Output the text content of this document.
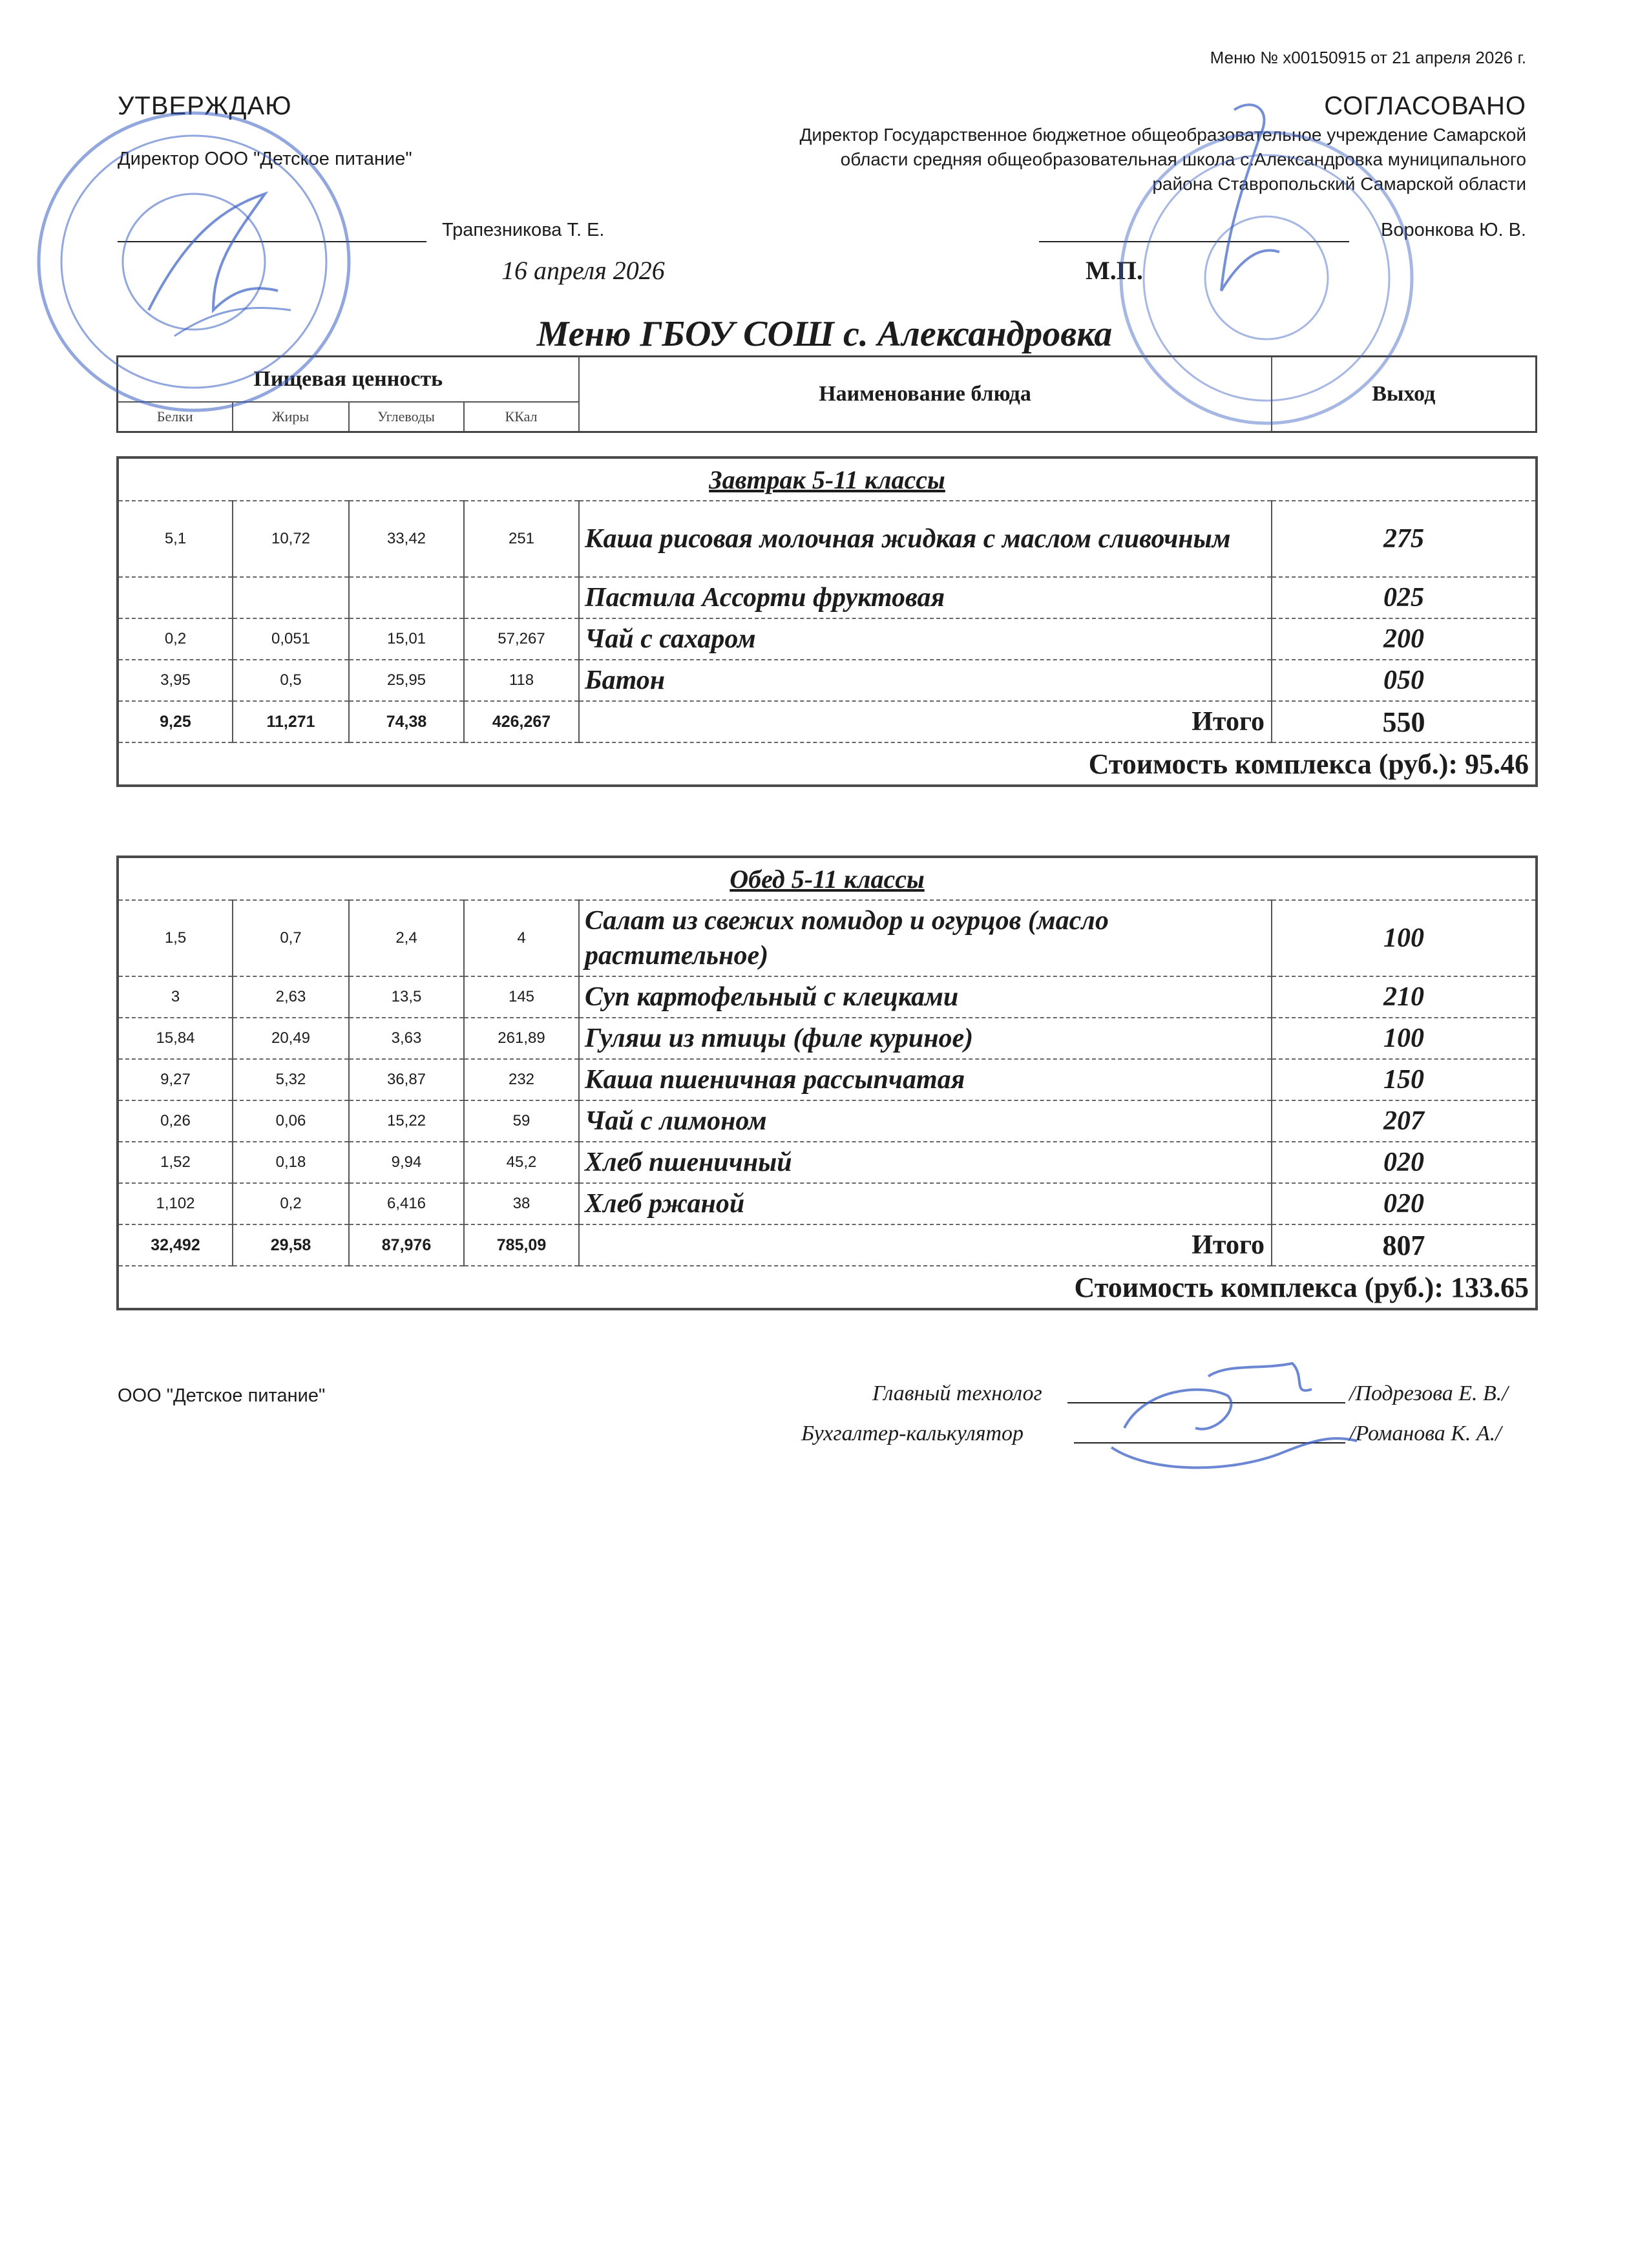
Меню № х00150915 от 21 апреля 2026 г.
УТВЕРЖДАЮ
Директор ООО "Детское питание"
Трапезникова Т. Е.
16 апреля 2026
СОГЛАСОВАНО
Директор Государственное бюджетное общеобразовательное учреждение Самарской
области средняя общеобразовательная школа с.Александровка муниципального
района Ставропольский Самарской области
Воронкова Ю. В.
М.П.
Меню ГБОУ СОШ с. Александровка
Пищевая ценность				Наименование блюда	Выход
Белки	Жиры	Углеводы	ККал		
Завтрак 5-11 классы					
5,1	10,72	33,42	251	Каша рисовая молочная жидкая с маслом сливочным	275
				Пастила Ассорти фруктовая	025
0,2	0,051	15,01	57,267	Чай с сахаром	200
3,95	0,5	25,95	118	Батон	050
9,25	11,271	74,38	426,267	Итого	550
Стоимость комплекса (руб.): 95.46					
Обед 5-11 классы					
1,5	0,7	2,4	4	Салат из свежих помидор и огурцов (масло растительное)	100
3	2,63	13,5	145	Суп картофельный с клецками	210
15,84	20,49	3,63	261,89	Гуляш из птицы (филе куриное)	100
9,27	5,32	36,87	232	Каша пшеничная рассыпчатая	150
0,26	0,06	15,22	59	Чай с лимоном	207
1,52	0,18	9,94	45,2	Хлеб пшеничный	020
1,102	0,2	6,416	38	Хлеб ржаной	020
32,492	29,58	87,976	785,09	Итого	807
Стоимость комплекса (руб.): 133.65					
ООО "Детское питание"	Главный технолог	/Подрезова Е. В./
Бухгалтер-калькулятор	/Романова К. А./
